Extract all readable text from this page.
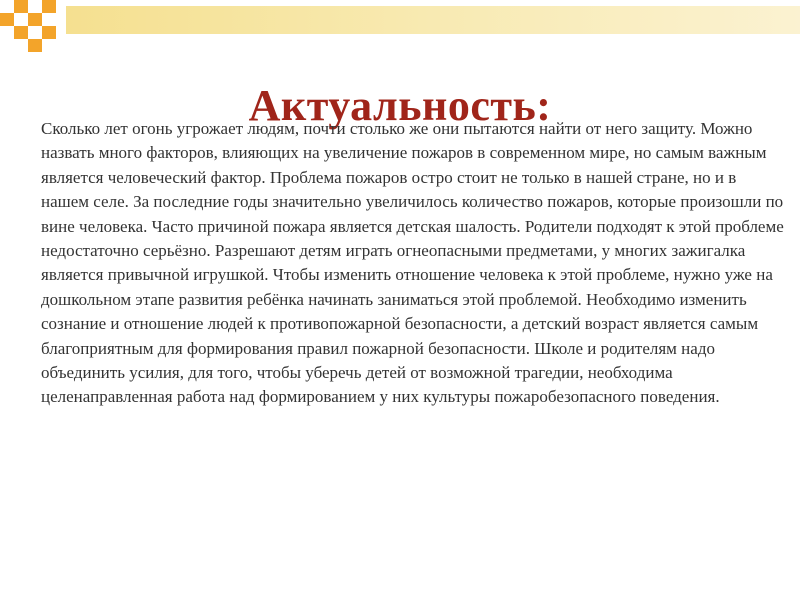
Актуальность:

Сколько лет огонь угрожает людям, почти столько же они пытаются найти от него защиту. Можно назвать много факторов, влияющих на увеличение пожаров в современном мире, но самым важным является человеческий фактор. Проблема пожаров остро стоит не только в нашей стране, но и в нашем селе. За последние годы значительно увеличилось количество пожаров, которые произошли по вине человека. Часто причиной пожара является детская шалость. Родители подходят к этой проблеме недостаточно серьёзно. Разрешают детям играть огнеопасными предметами, у многих зажигалка является привычной игрушкой. Чтобы изменить отношение человека к этой проблеме, нужно уже на дошкольном этапе развития ребёнка начинать заниматься этой проблемой. Необходимо изменить сознание и отношение людей к противопожарной безопасности, а детский возраст является самым благоприятным для формирования правил пожарной безопасности. Школе и родителям надо объединить усилия, для того, чтобы уберечь детей от возможной трагедии, необходима целенаправленная работа над формированием у них культуры пожаробезопасного поведения.
